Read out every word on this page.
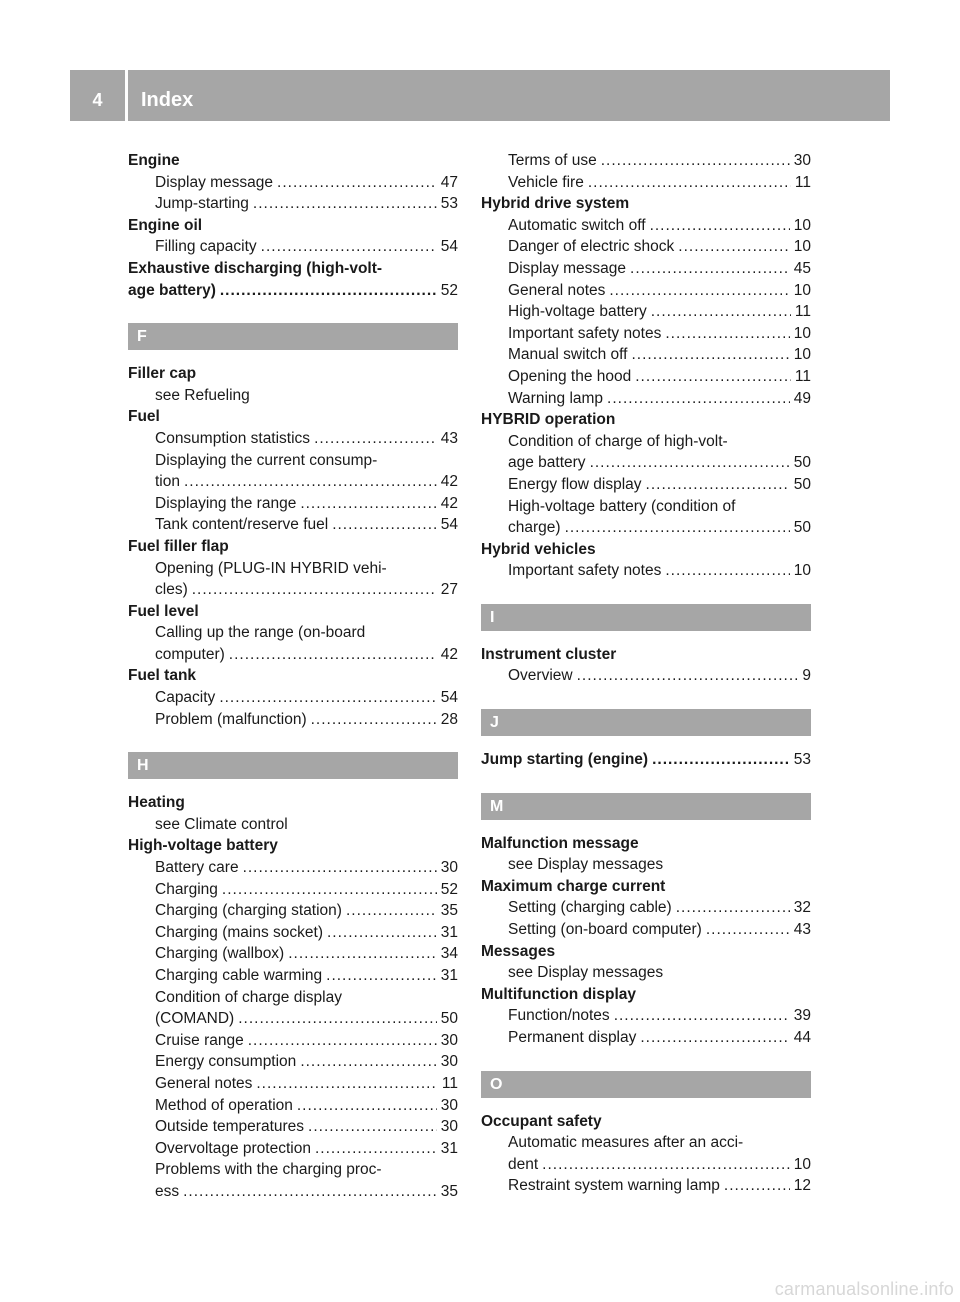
4	Index
Engine
Display message .....	47
Jump-starting .....	53
Engine oil
Filling capacity .....	54
Exhaustive discharging (high-volt-
age battery) .....	52
F
Filler cap
see Refueling
Fuel
Consumption statistics .....	43
Displaying the current consump-
tion .....	42
Displaying the range .....	42
Tank content/reserve fuel .....	54
Fuel filler flap
Opening (PLUG-IN HYBRID vehi-
cles) .....	27
Fuel level
Calling up the range (on-board
computer) .....	42
Fuel tank
Capacity .....	54
Problem (malfunction) .....	28
H
Heating
see Climate control
High-voltage battery
Battery care .....	30
Charging .....	52
Charging (charging station) .....	35
Charging (mains socket) .....	31
Charging (wallbox) .....	34
Charging cable warming .....	31
Condition of charge display
(COMAND) .....	50
Cruise range .....	30
Energy consumption .....	30
General notes .....	11
Method of operation .....	30
Outside temperatures .....	30
Overvoltage protection .....	31
Problems with the charging proc-
ess .....	35
Terms of use .....	30
Vehicle fire .....	11
Hybrid drive system
Automatic switch off .....	10
Danger of electric shock .....	10
Display message .....	45
General notes .....	10
High-voltage battery .....	11
Important safety notes .....	10
Manual switch off .....	10
Opening the hood .....	11
Warning lamp .....	49
HYBRID operation
Condition of charge of high-volt-
age battery .....	50
Energy flow display .....	50
High-voltage battery (condition of
charge) .....	50
Hybrid vehicles
Important safety notes .....	10
I
Instrument cluster
Overview .....	9
J
Jump starting (engine) .....	53
M
Malfunction message
see Display messages
Maximum charge current
Setting (charging cable) .....	32
Setting (on-board computer) .....	43
Messages
see Display messages
Multifunction display
Function/notes .....	39
Permanent display .....	44
O
Occupant safety
Automatic measures after an acci-
dent .....	10
Restraint system warning lamp .....	12
carmanualsonline.info
